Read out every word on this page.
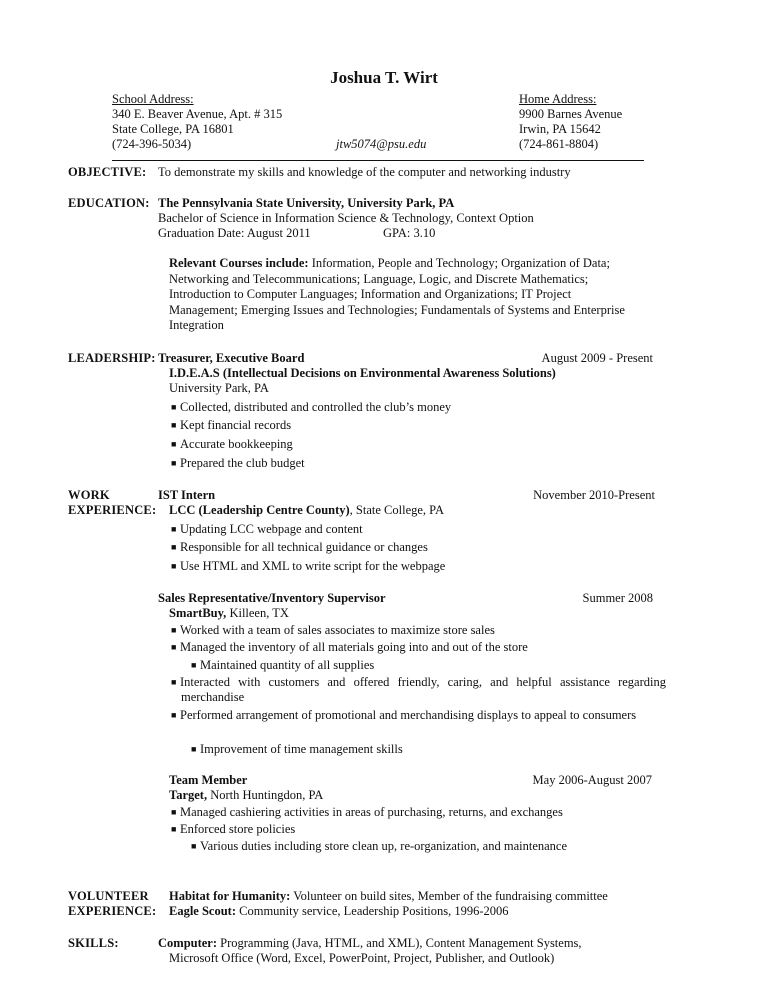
Joshua T. Wirt
School Address:
340 E. Beaver Avenue, Apt. # 315
State College, PA 16801
(724-396-5034)	jtw5074@psu.edu
Home Address:
9900 Barnes Avenue
Irwin, PA 15642
(724-861-8804)
OBJECTIVE: To demonstrate my skills and knowledge of the computer and networking industry
EDUCATION: The Pennsylvania State University, University Park, PA
Bachelor of Science in Information Science & Technology, Context Option
Graduation Date: August 2011	GPA: 3.10
Relevant Courses include: Information, People and Technology; Organization of Data; Networking and Telecommunications; Language, Logic, and Discrete Mathematics; Introduction to Computer Languages; Information and Organizations; IT Project Management; Emerging Issues and Technologies; Fundamentals of Systems and Enterprise Integration
LEADERSHIP: Treasurer, Executive Board	August 2009 - Present
I.D.E.A.S (Intellectual Decisions on Environmental Awareness Solutions)
University Park, PA
■ Collected, distributed and controlled the club’s money
■ Kept financial records
■ Accurate bookkeeping
■ Prepared the club budget
WORK
EXPERIENCE:
IST Intern	November 2010-Present
LCC (Leadership Centre County), State College, PA
■ Updating LCC webpage and content
■ Responsible for all technical guidance or changes
■ Use HTML and XML to write script for the webpage
Sales Representative/Inventory Supervisor	Summer 2008
SmartBuy, Killeen, TX
■ Worked with a team of sales associates to maximize store sales
■ Managed the inventory of all materials going into and out of the store
■ Maintained quantity of all supplies
■ Interacted with customers and offered friendly, caring, and helpful assistance regarding merchandise
■ Performed arrangement of promotional and merchandising displays to appeal to consumers
■ Improvement of time management skills
Team Member	May 2006-August 2007
Target, North Huntingdon, PA
■ Managed cashiering activities in areas of purchasing, returns, and exchanges
■ Enforced store policies
■ Various duties including store clean up, re-organization, and maintenance
VOLUNTEER
EXPERIENCE:
Habitat for Humanity: Volunteer on build sites, Member of the fundraising committee
Eagle Scout: Community service, Leadership Positions, 1996-2006
SKILLS:	Computer: Programming (Java, HTML, and XML), Content Management Systems,
Microsoft Office (Word, Excel, PowerPoint, Project, Publisher, and Outlook)
